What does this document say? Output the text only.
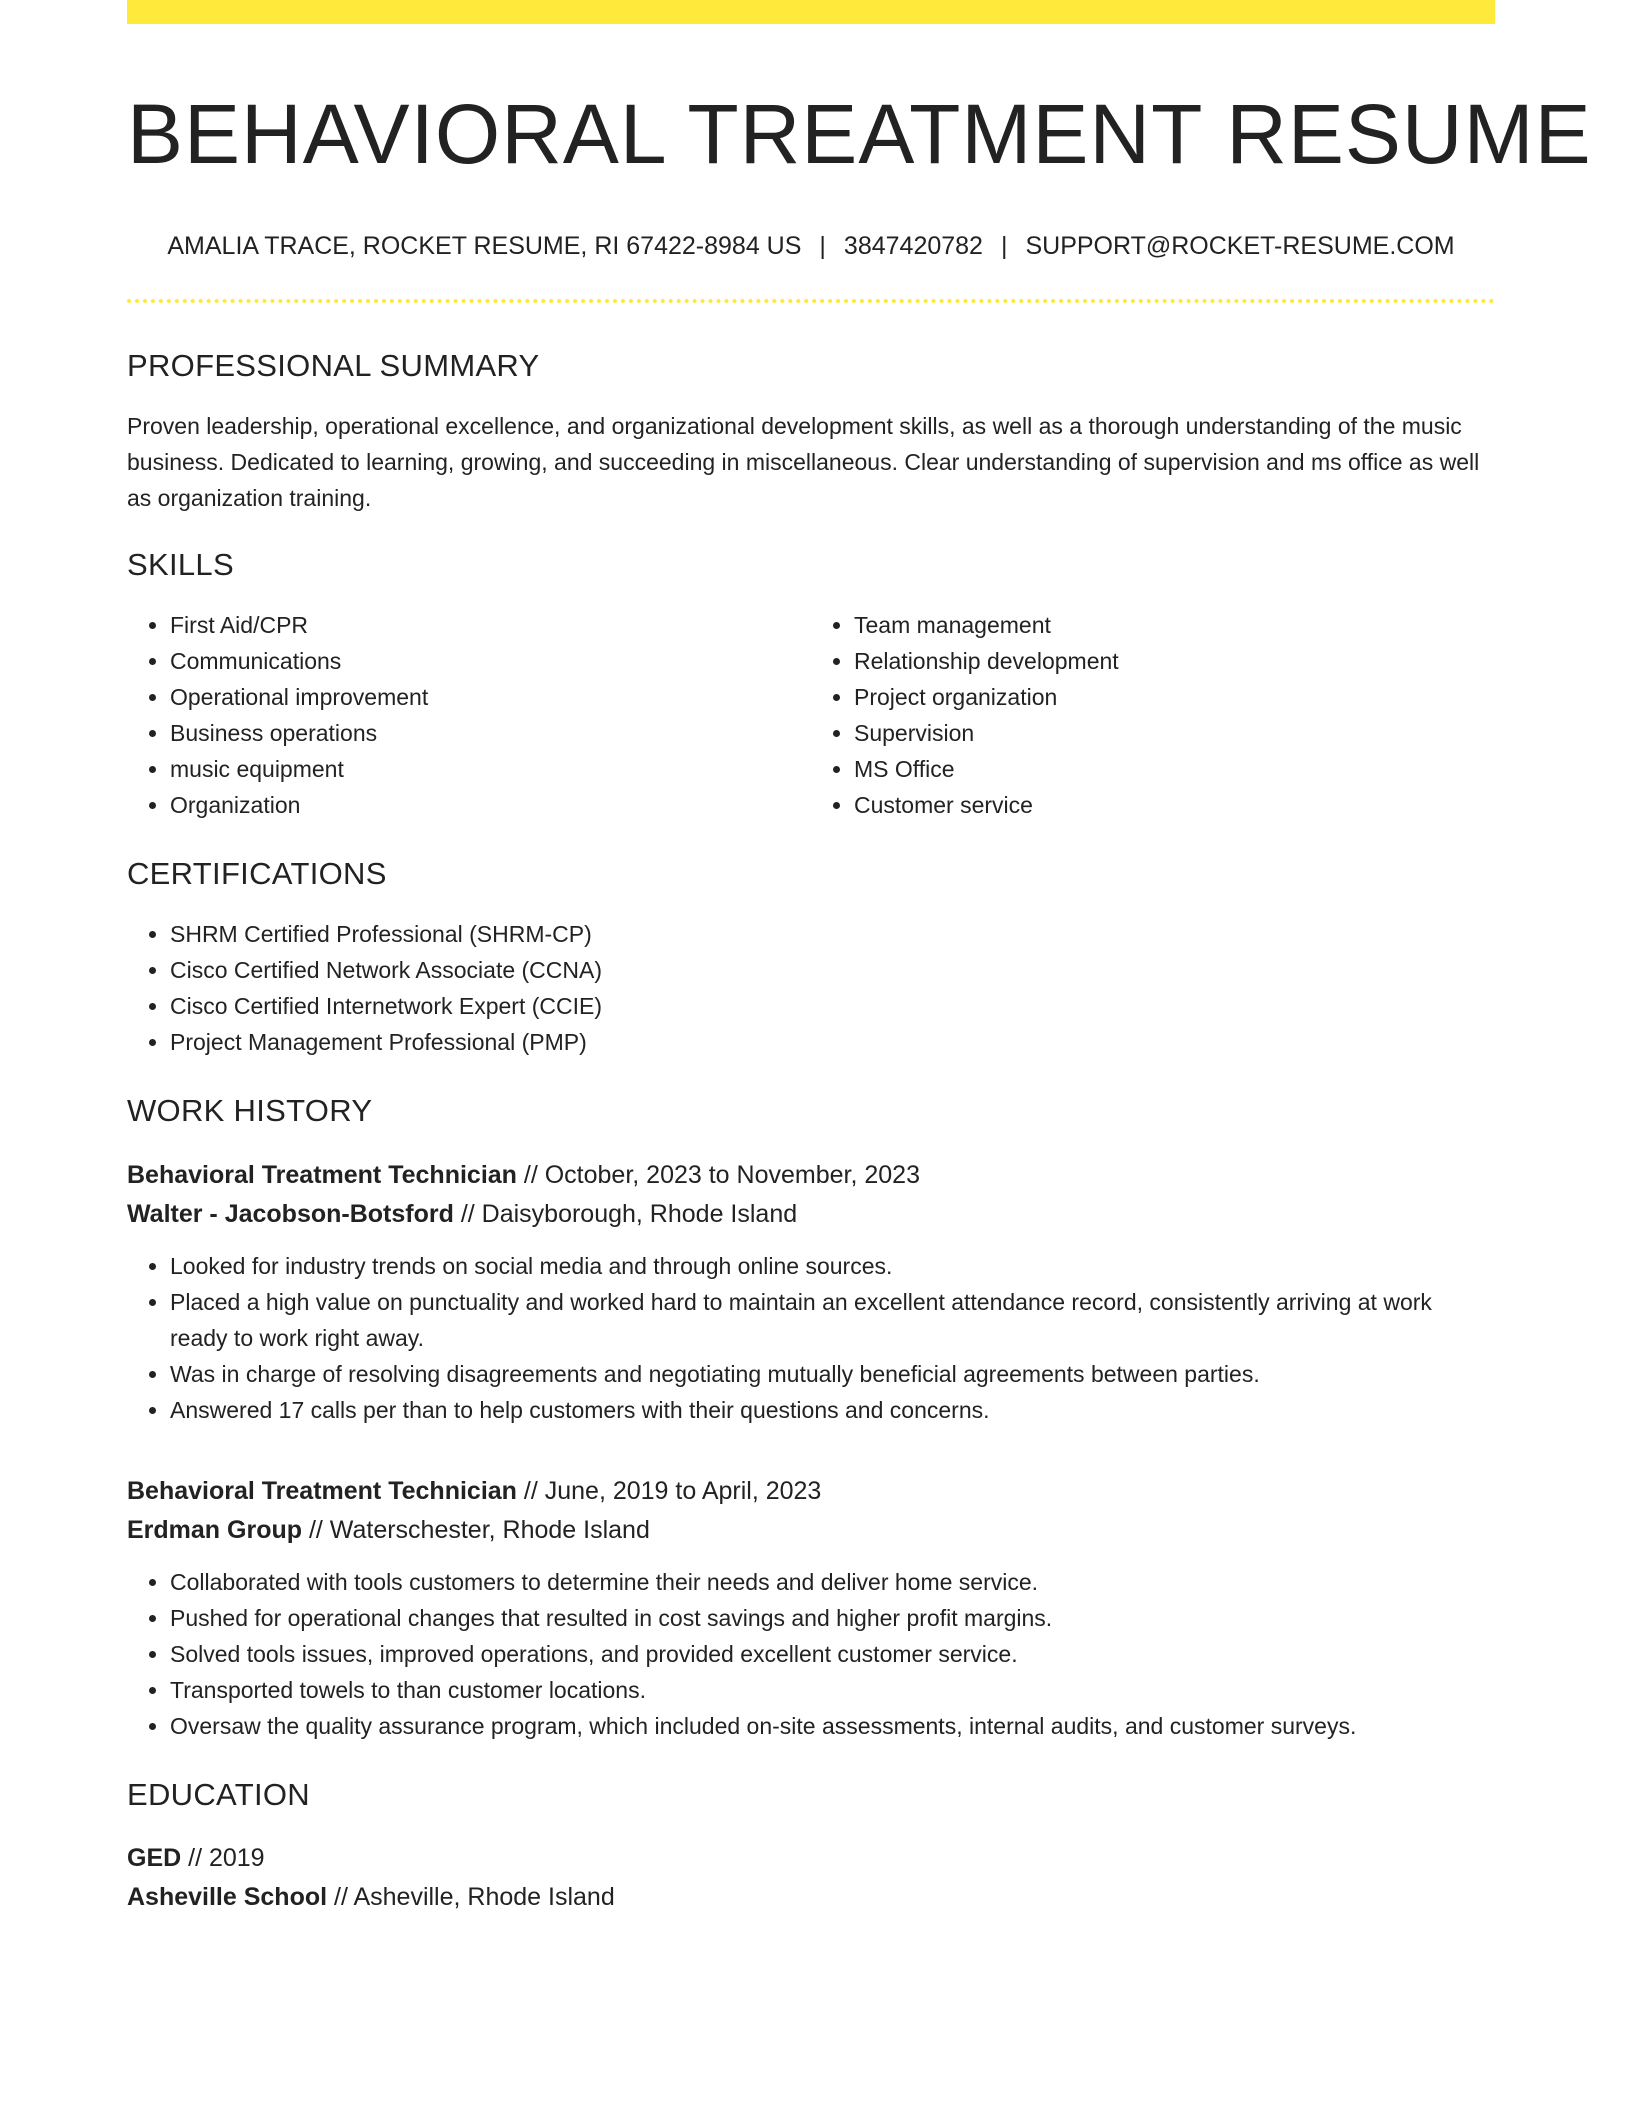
BEHAVIORAL TREATMENT RESUME
AMALIA TRACE, ROCKET RESUME, RI 67422-8984 US | 3847420782 | SUPPORT@ROCKET-RESUME.COM
PROFESSIONAL SUMMARY

Proven leadership, operational excellence, and organizational development skills, as well as a thorough understanding of the music business. Dedicated to learning, growing, and succeeding in miscellaneous. Clear understanding of supervision and ms office as well as organization training.

SKILLS
• First Aid/CPR
• Communications
• Operational improvement
• Business operations
• music equipment
• Organization
• Team management
• Relationship development
• Project organization
• Supervision
• MS Office
• Customer service
CERTIFICATIONS
• SHRM Certified Professional (SHRM-CP)
• Cisco Certified Network Associate (CCNA)
• Cisco Certified Internetwork Expert (CCIE)
• Project Management Professional (PMP)
WORK HISTORY
Behavioral Treatment Technician // October, 2023 to November, 2023
Walter - Jacobson-Botsford // Daisyborough, Rhode Island
• Looked for industry trends on social media and through online sources.
• Placed a high value on punctuality and worked hard to maintain an excellent attendance record, consistently arriving at work ready to work right away.
• Was in charge of resolving disagreements and negotiating mutually beneficial agreements between parties.
• Answered 17 calls per than to help customers with their questions and concerns.
Behavioral Treatment Technician // June, 2019 to April, 2023
Erdman Group // Waterschester, Rhode Island
• Collaborated with tools customers to determine their needs and deliver home service.
• Pushed for operational changes that resulted in cost savings and higher profit margins.
• Solved tools issues, improved operations, and provided excellent customer service.
• Transported towels to than customer locations.
• Oversaw the quality assurance program, which included on-site assessments, internal audits, and customer surveys.
EDUCATION
GED // 2019
Asheville School // Asheville, Rhode Island
